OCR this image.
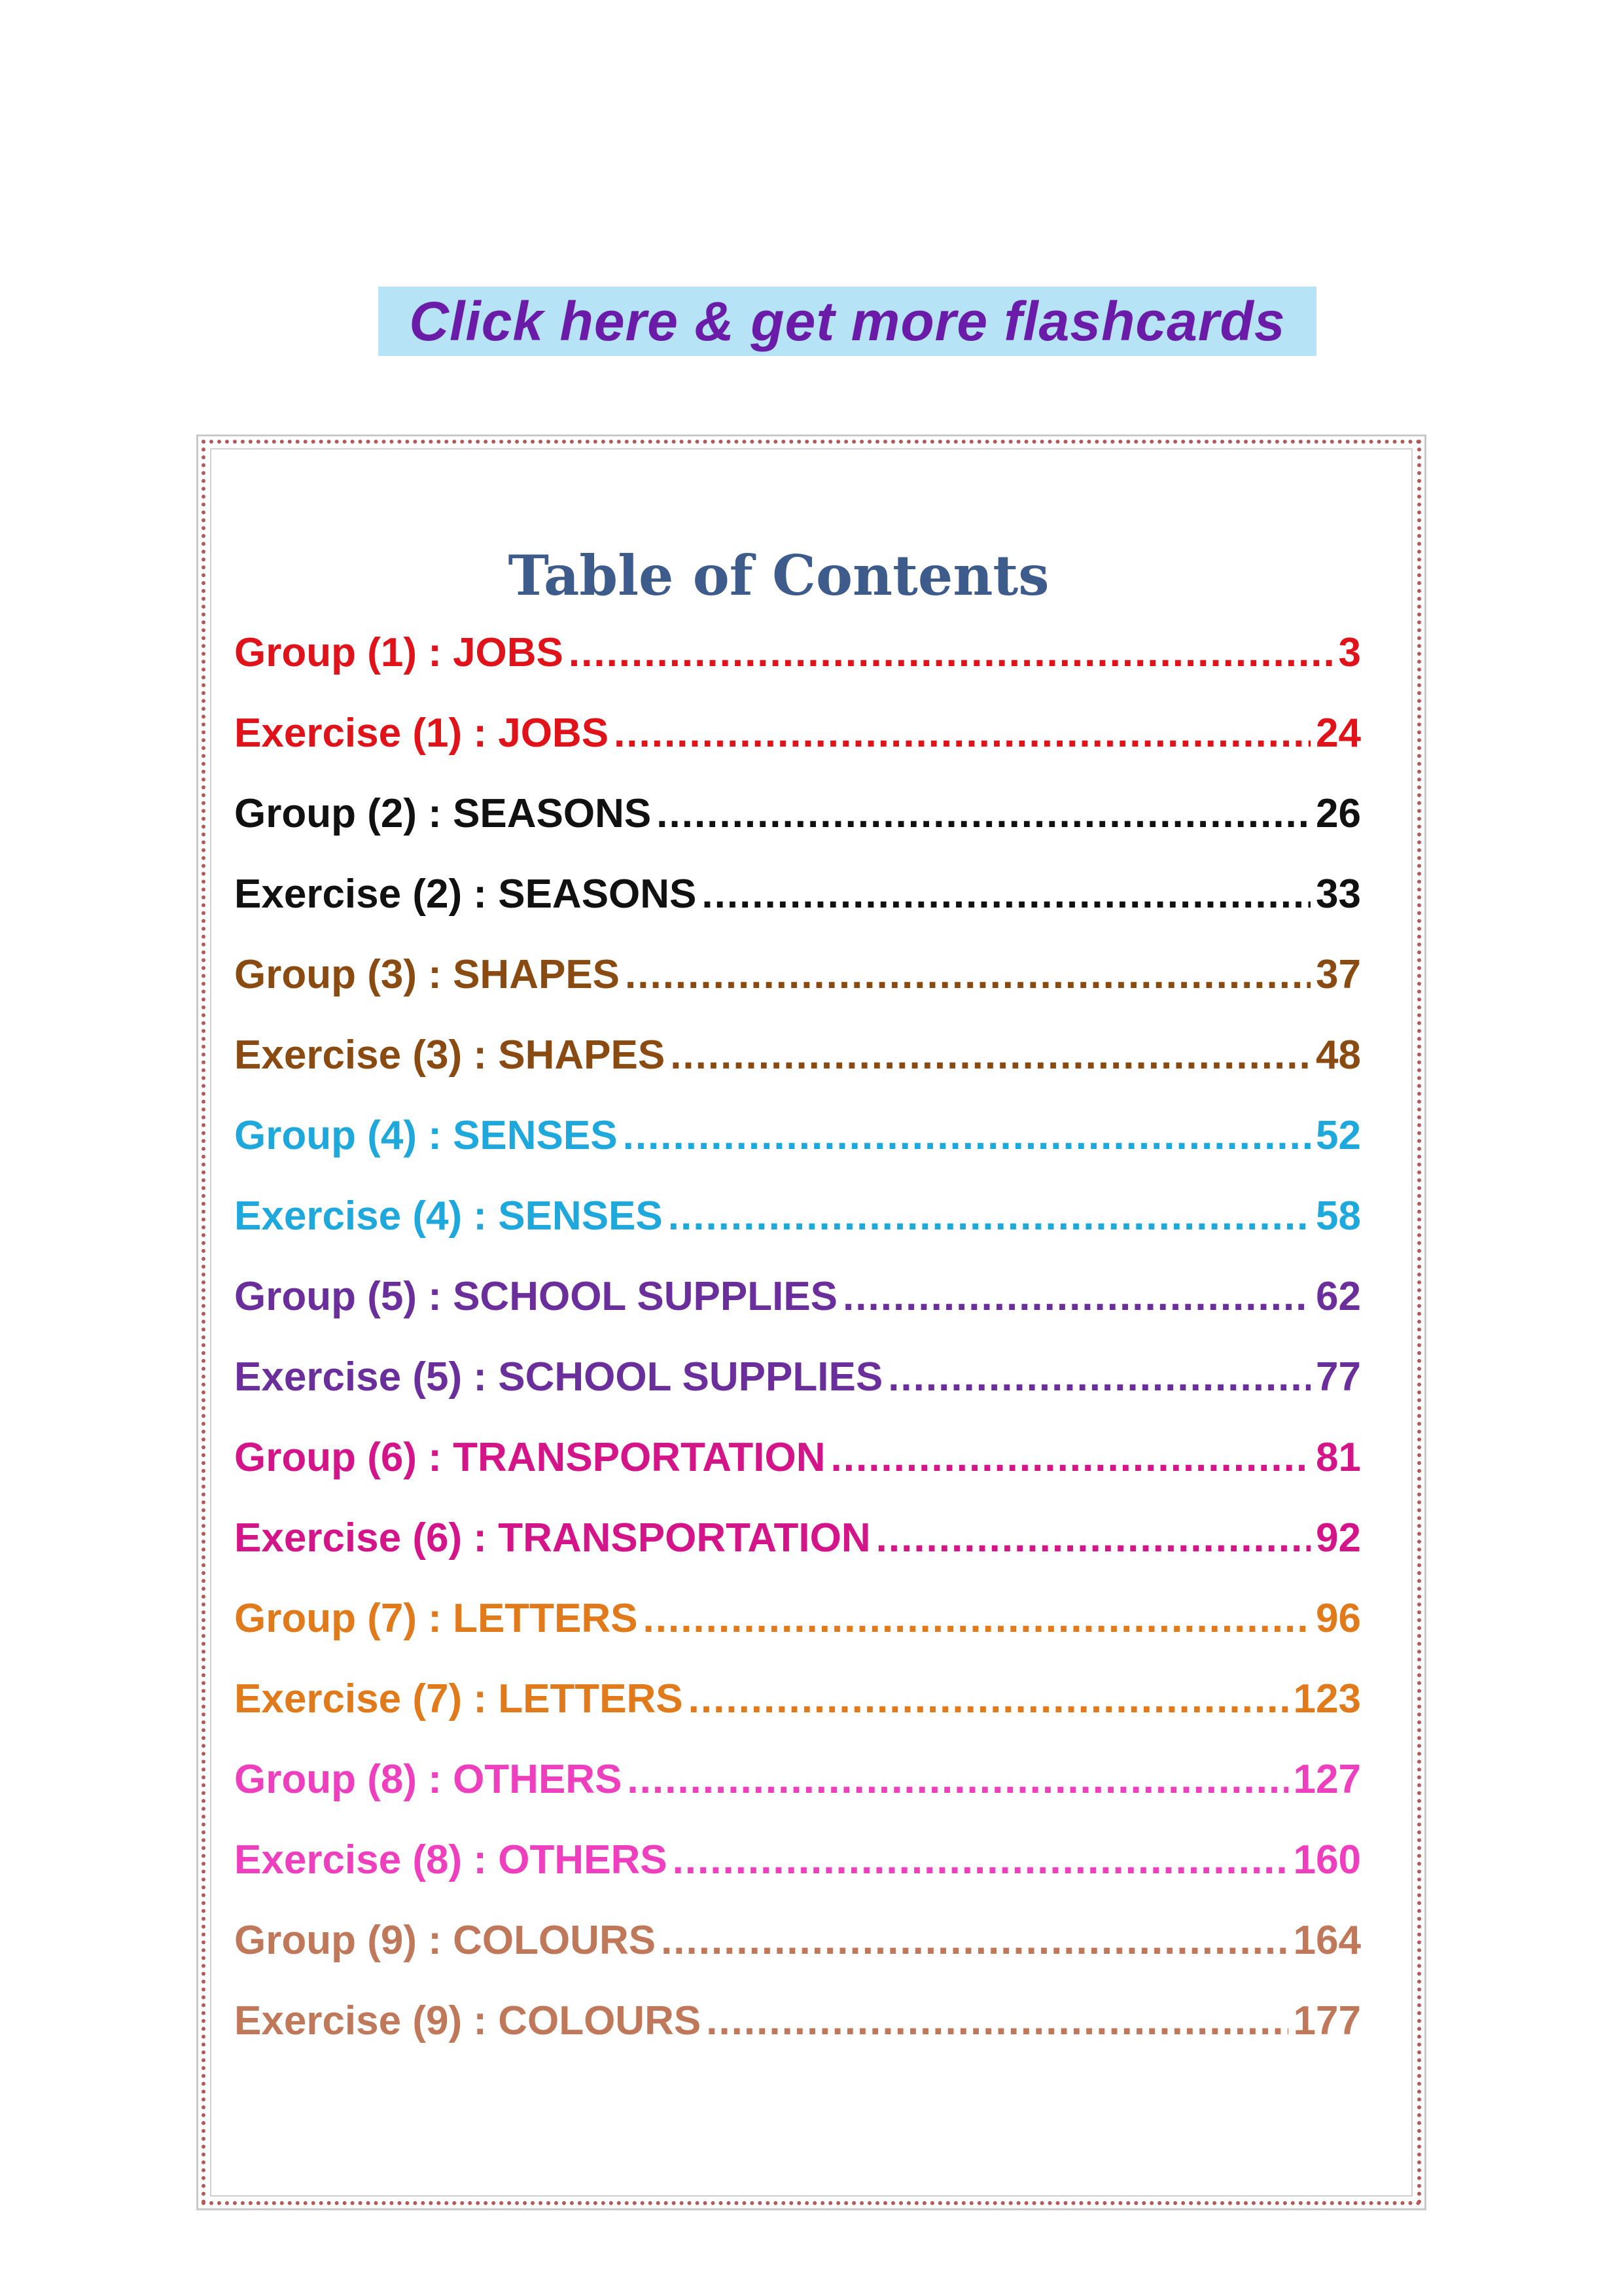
Click here & get more flashcards
Table of Contents
Group (1) : JOBS .....	3
Exercise (1) : JOBS .....	24
Group (2) : SEASONS .....	26
Exercise (2) : SEASONS .....	33
Group (3) : SHAPES .....	37
Exercise (3) : SHAPES .....	48
Group (4) : SENSES .....	52
Exercise (4) : SENSES .....	58
Group (5) : SCHOOL SUPPLIES .....	62
Exercise (5) : SCHOOL SUPPLIES .....	77
Group (6) : TRANSPORTATION .....	81
Exercise (6) : TRANSPORTATION .....	92
Group (7) : LETTERS .....	96
Exercise (7) : LETTERS .....	123
Group (8) : OTHERS .....	127
Exercise (8) : OTHERS .....	160
Group (9) : COLOURS .....	164
Exercise (9) : COLOURS .....	177
